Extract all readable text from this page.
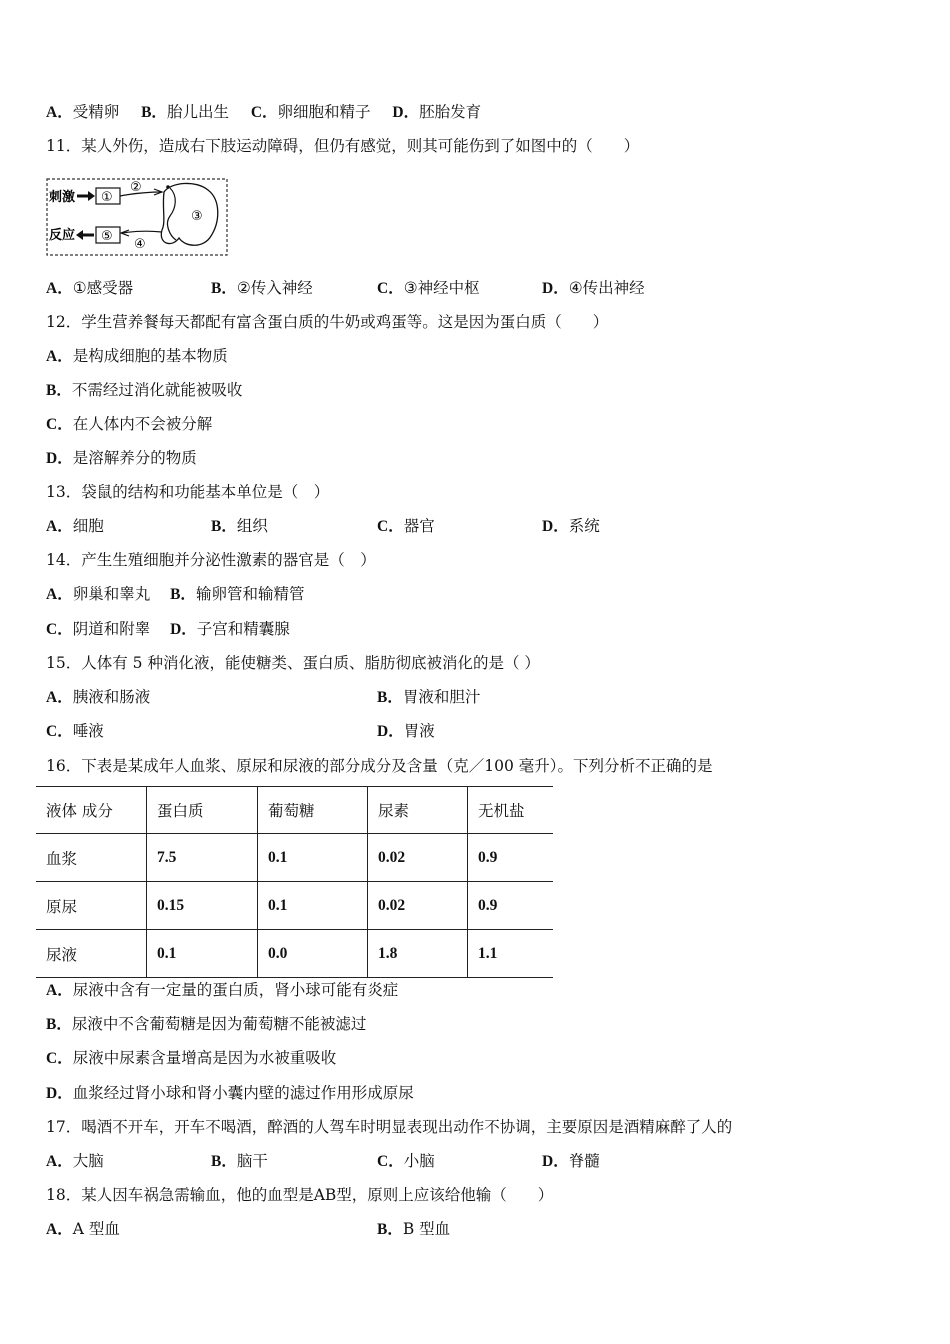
A．受精卵 B．胎儿出生 C．卵细胞和精子 D．胚胎发育
11．某人外伤，造成右下肢运动障碍，但仍有感觉，则其可能伤到了如图中的（　　）
刺激 ①
②
③
反应 ⑤
④
A．①感受器	B．②传入神经	C．③神经中枢	D．④传出神经
12．学生营养餐每天都配有富含蛋白质的牛奶或鸡蛋等。这是因为蛋白质（　　）
A．是构成细胞的基本物质
B．不需经过消化就能被吸收
C．在人体内不会被分解
D．是溶解养分的物质
13．袋鼠的结构和功能基本单位是（　）
A．细胞	B．组织	C．器官	D．系统
14．产生生殖细胞并分泌性激素的器官是（　）
A．卵巢和睾丸 B．输卵管和输精管
C．阴道和附睾 D．子宫和精囊腺
15．人体有 5 种消化液，能使糖类、蛋白质、脂肪彻底被消化的是（ ）
A．胰液和肠液	B．胃液和胆汁
C．唾液	D．胃液
16．下表是某成年人血浆、原尿和尿液的部分成分及含量（克／100 毫升）。下列分析不正确的是
液体 成分	蛋白质	葡萄糖	尿素	无机盐
血浆	7.5	0.1	0.02	0.9
原尿	0.15	0.1	0.02	0.9
尿液	0.1	0.0	1.8	1.1
A．尿液中含有一定量的蛋白质，肾小球可能有炎症
B．尿液中不含葡萄糖是因为葡萄糖不能被滤过
C．尿液中尿素含量增高是因为水被重吸收
D．血浆经过肾小球和肾小囊内壁的滤过作用形成原尿
17．喝酒不开车，开车不喝酒，醉酒的人驾车时明显表现出动作不协调，主要原因是酒精麻醉了人的
A．大脑	B．脑干	C．小脑	D．脊髓
18．某人因车祸急需输血，他的血型是AB型，原则上应该给他输（　　）
A．A 型血	B．B 型血
